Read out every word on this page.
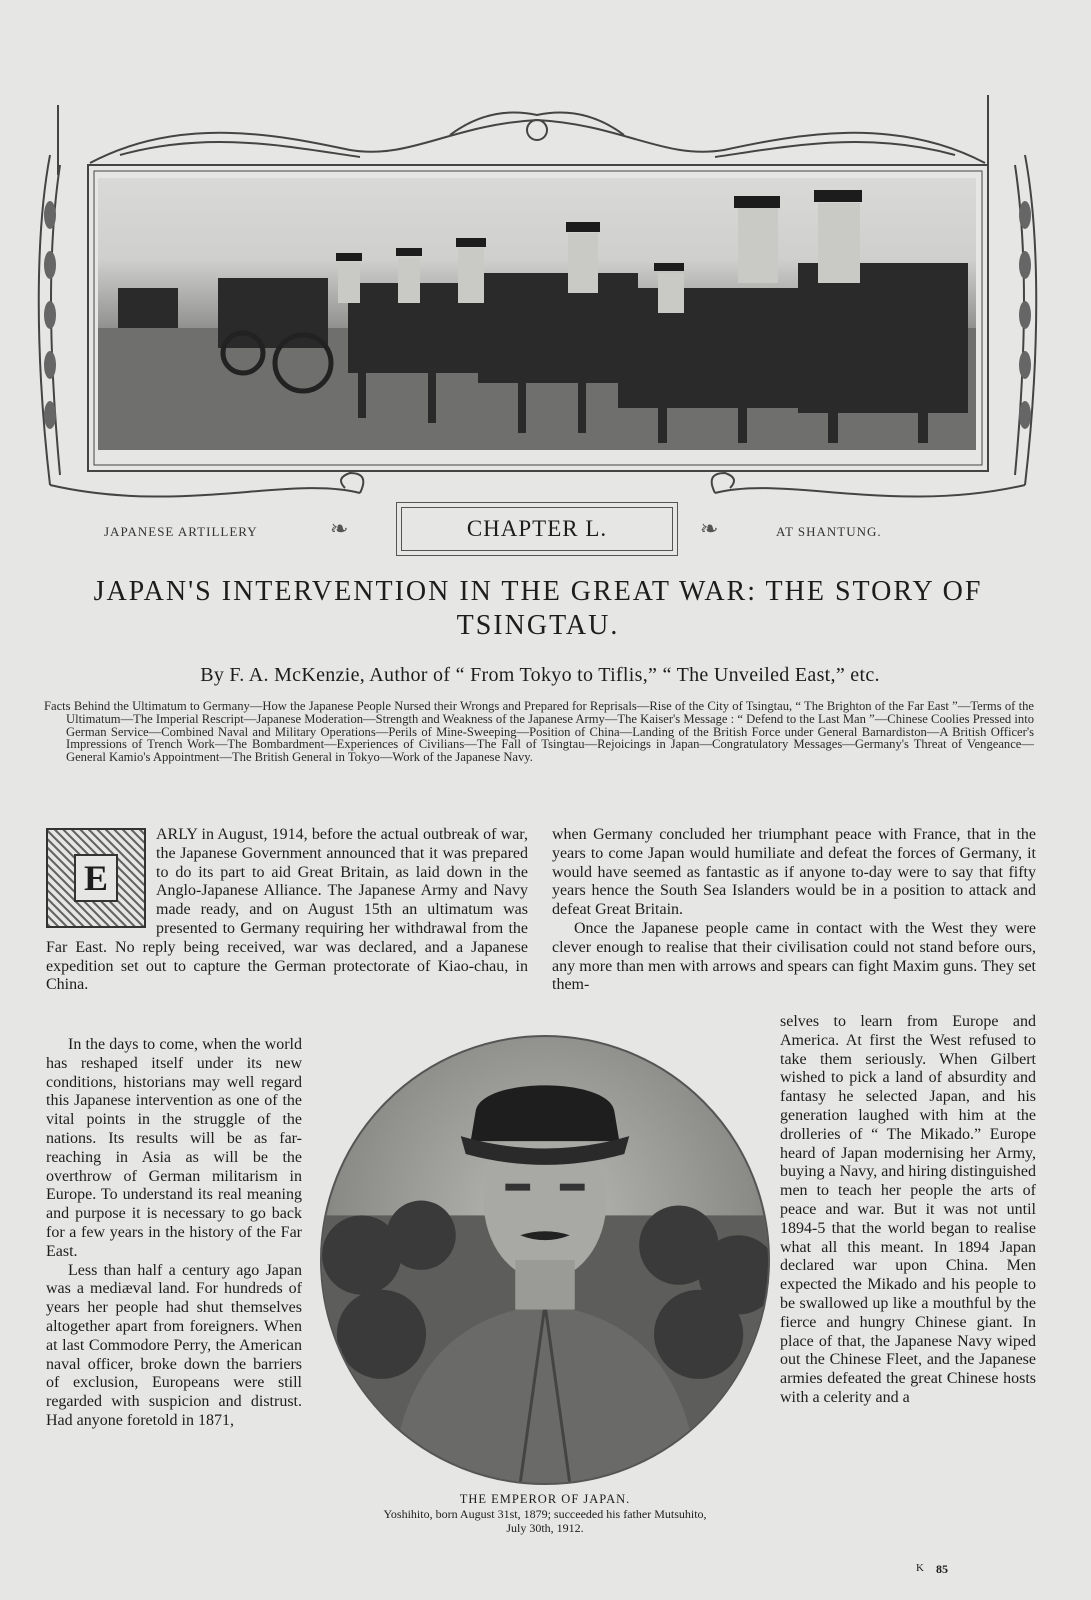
JAPANESE ARTILLERY	❧	CHAPTER L.	❧	AT SHANTUNG.
JAPAN'S INTERVENTION IN THE GREAT WAR: THE STORY OF TSINGTAU.
By F. A. McKenzie, Author of “ From Tokyo to Tiflis,” “ The Unveiled East,” etc.
Facts Behind the Ultimatum to Germany—How the Japanese People Nursed their Wrongs and Prepared for Reprisals—Rise of the City of Tsingtau, “ The Brighton of the Far East ”—Terms of the Ultimatum—The Imperial Rescript—Japanese Moderation—Strength and Weakness of the Japanese Army—The Kaiser's Message : “ Defend to the Last Man ”—Chinese Coolies Pressed into German Service—Combined Naval and Military Operations—Perils of Mine-Sweeping—Position of China—Landing of the British Force under General Barnardiston—A British Officer's Impressions of Trench Work—The Bombardment—Experiences of Civilians—The Fall of Tsingtau—Rejoicings in Japan—Congratulatory Messages—Germany's Threat of Vengeance—General Kamio's Appointment—The British General in Tokyo—Work of the Japanese Navy.
E

ARLY in August, 1914, before the actual outbreak of war, the Japanese Government announced that it was prepared to do its part to aid Great Britain, as laid down in the Anglo-Japanese Alliance. The Japanese Army and Navy made ready, and on August 15th an ultimatum was presented to Germany requiring her withdrawal from the Far East. No reply being received, war was declared, and a Japanese expedition set out to capture the German protectorate of Kiao-chau, in China.

In the days to come, when the world has reshaped itself under its new conditions, historians may well regard this Japanese intervention as one of the vital points in the struggle of the nations. Its results will be as far-reaching in Asia as will be the overthrow of German militarism in Europe. To understand its real meaning and purpose it is necessary to go back for a few years in the history of the Far East.

Less than half a century ago Japan was a mediæval land. For hundreds of years her people had shut themselves altogether apart from foreigners. When at last Commodore Perry, the American naval officer, broke down the barriers of exclusion, Europeans were still regarded with suspicion and distrust. Had anyone foretold in 1871,

when Germany concluded her triumphant peace with France, that in the years to come Japan would humiliate and defeat the forces of Germany, it would have seemed as fantastic as if anyone to-day were to say that fifty years hence the South Sea Islanders would be in a position to attack and defeat Great Britain.

Once the Japanese people came in contact with the West they were clever enough to realise that their civilisation could not stand before ours, any more than men with arrows and spears can fight Maxim guns. They set them-

selves to learn from Europe and America. At first the West refused to take them seriously. When Gilbert wished to pick a land of absurdity and fantasy he selected Japan, and his generation laughed with him at the drolleries of “ The Mikado.” Europe heard of Japan modernising her Army, buying a Navy, and hiring distinguished men to teach her people the arts of peace and war. But it was not until 1894-5 that the world began to realise what all this meant. In 1894 Japan declared war upon China. Men expected the Mikado and his people to be swallowed up like a mouthful by the fierce and hungry Chinese giant. In place of that, the Japanese Navy wiped out the Chinese Fleet, and the Japanese armies defeated the great Chinese hosts with a celerity and a

THE EMPEROR OF JAPAN.
Yoshihito, born August 31st, 1879; succeeded his father Mutsuhito,
July 30th, 1912.
K 85
